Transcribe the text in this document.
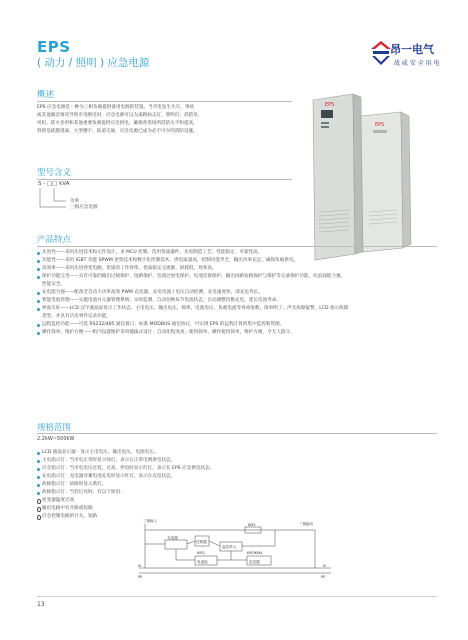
EPS
( 动力 / 照明 ) 应急电源
昂一电气
战 威 安 全 用 电
EPS
EPS
概述
EPS 应急电源是一种为三相负载提供备用电源的装置。当市电发生失灾、事故
或其他紧急情况导致市电断电时，应急电源可以为道路标志灯、照明灯、消防泵、
风机、防火卷帘和其他重要负载提供应急供电，确保各类场所消防水平和提高，
特别是疏散逃离、大型楼宇、轨道交通，应急电源已成为必不可少的消防设施。
型号含义
S - □□ kVA
功率
三相应急电源
产品特点
先进性——采用先进技术和元件设计，多 MCU 控制，选用优质器件，先进制造工艺，性能稳定，可靠性高。
功能性——采用 IGBT 功能 SPWM 逆变技术和数字化控制技术，供电质量高，控制功能齐全，输出功率充足，确保负载供电。
高效率——采用先进逆变电路，优质的工作效率，优质稳定交流源，损耗低，效率高。
保护功能完善——具有可靠的输出过载保护、短路保护、电池过放电保护、电池反接保护、输出回路短路保护与保护等完备保护功能，抗浪涌能力强，
性能安全。
充电能力强——配备全自动大功率高效 PWM 充电器，充电电流 / 电压自动检测，充电速度快，深充电寿长。
智能电池管理——实施电池并元器管理系统；实时监测，自动切换每节电池状态，自动调整均衡充电，延长电池寿命。
界面友好——LCD 汉字液晶屏显示工作状态、主电电压、输出电压、频率、电池电压、负载电流等各项参数，简单明了；声光故障报警，LCD 指示故障
类型，并具有历史事件记录功能。
远程监控功能——可选 RS232/485 通信接口，标准 MODBUS 通信协议，可实现 EPS 的远程计算机集中监控和管理。
操作简单，维护方便——机内设置维护采用插拔式设计；自动化程度高，使用简单，操作使用简单，维护方便，令无人值守。
规格范围
2.2kW~500kW
LCD 液晶显示器：显示主电电压、输出电压、电池电压。
主电指示灯：当市电正常时显示绿灯，表示在正常电网供电状态。
应急指示灯：当市电电压过低、过高、停电时显示红灯，表示在 EPS 应急供电状态。
充电指示灯：充电器对蓄电池充电时显示红灯，表示在充电状态。
故障指示灯：故障时显示黄灯。
故障指示灯：当装灯亮时，有以下原因：
逆变器温度过高
输出电路中有开路或短路
应急控制电路的开关、短路
三相输入
三相输出
KM1
充电器
监控单元
KM2
电池组
KM3KM4
逆变器
控制器
N
PE
N
PE
13
